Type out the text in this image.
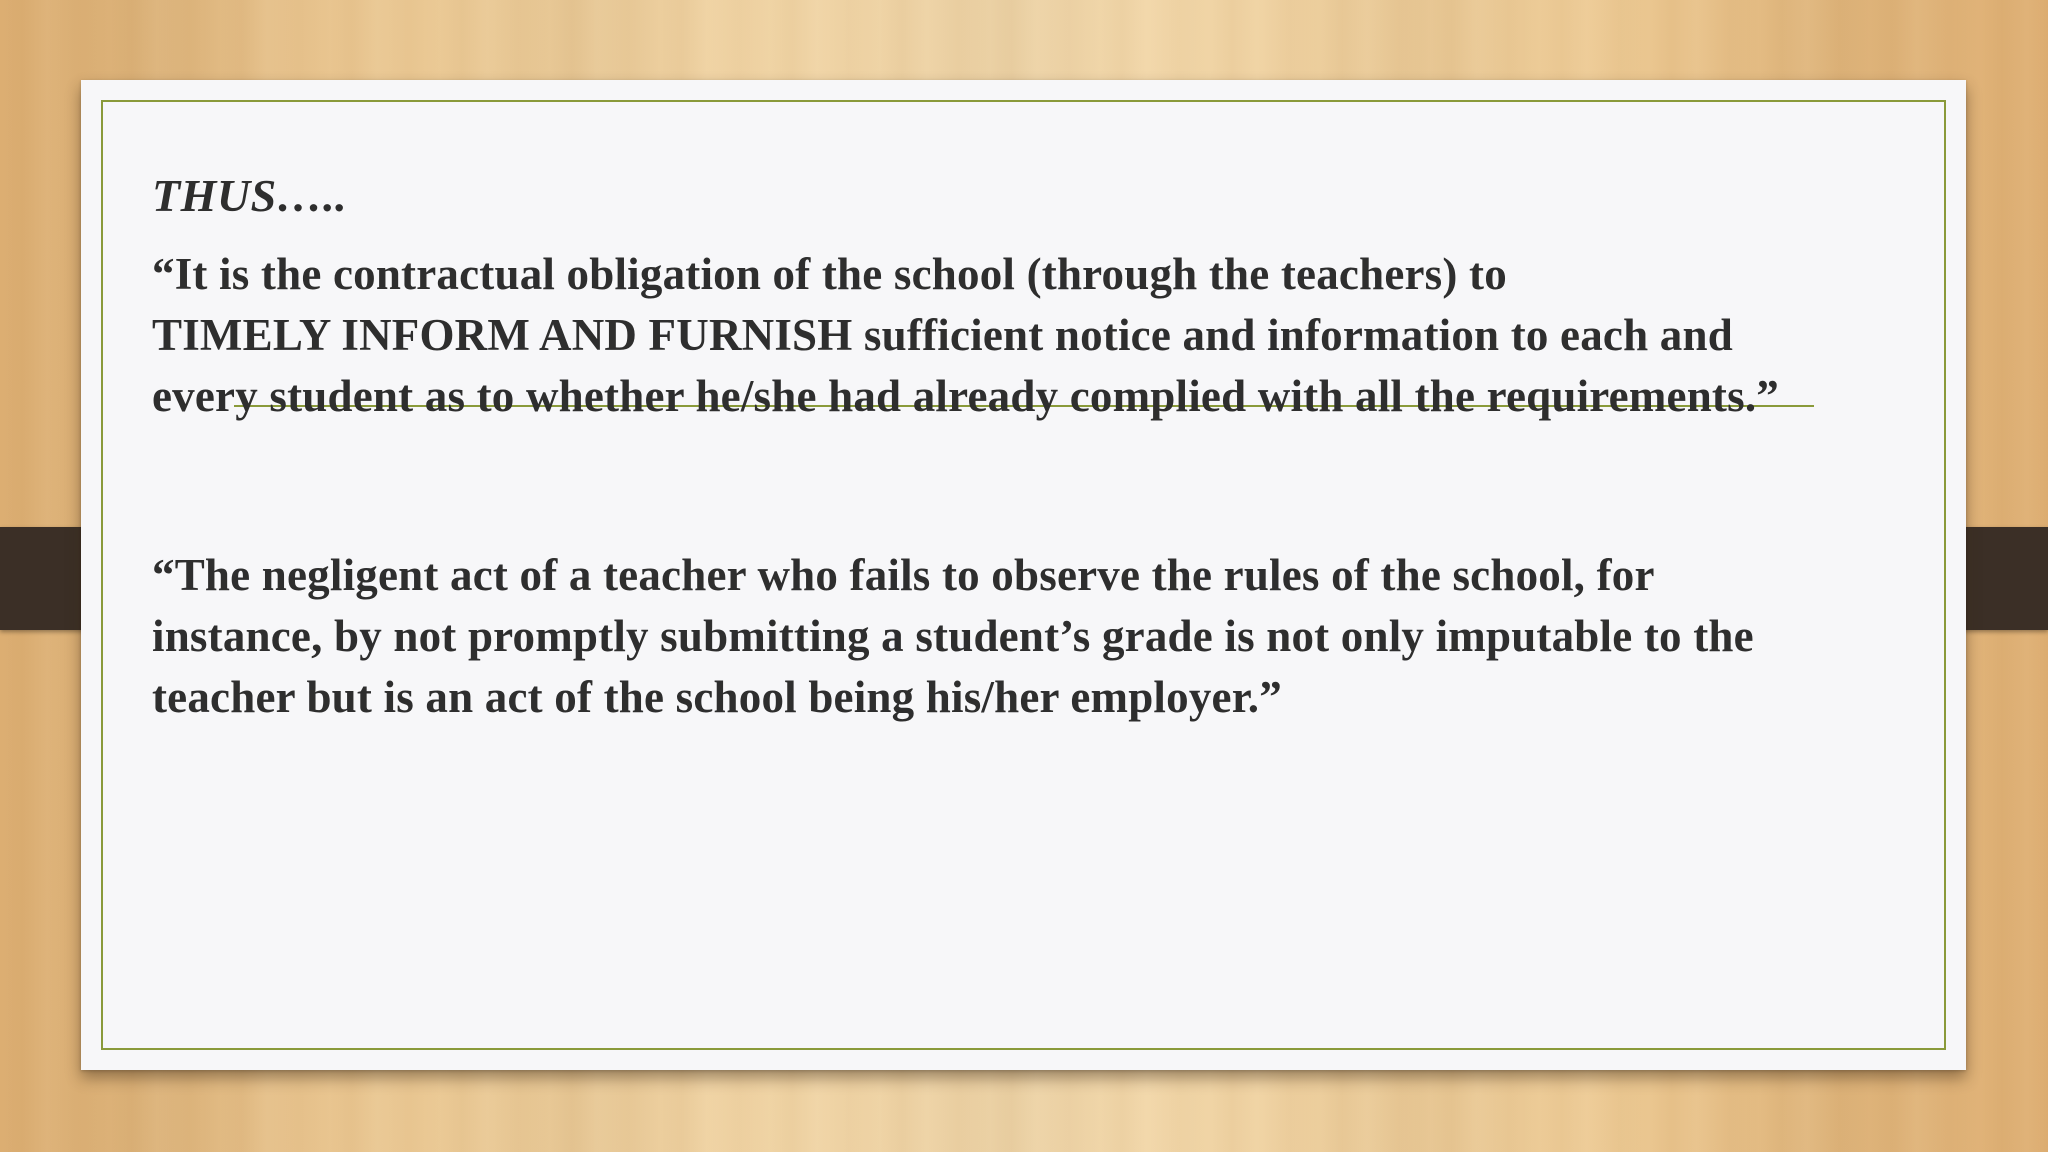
THUS…..

“It is the contractual obligation of the school (through the teachers) to
TIMELY INFORM AND FURNISH sufficient notice and information to each and every student as to whether he/she had already complied with all the requirements.”

“The negligent act of a teacher who fails to observe the rules of the school, for instance, by not promptly submitting a student’s grade is not only imputable to the teacher but is an act of the school being his/her employer.”
